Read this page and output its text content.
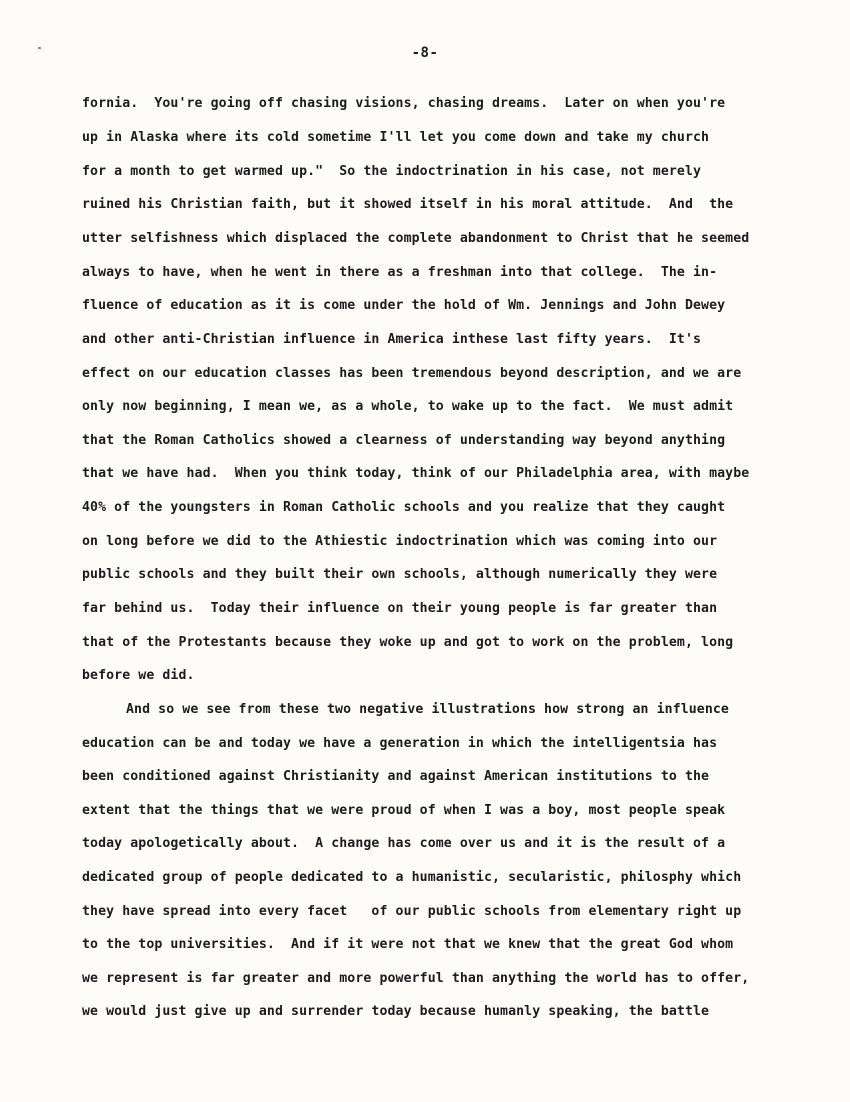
-8-
fornia.  You're going off chasing visions, chasing dreams.  Later on when you're
up in Alaska where its cold sometime I'll let you come down and take my church
for a month to get warmed up."  So the indoctrination in his case, not merely
ruined his Christian faith, but it showed itself in his moral attitude.  And  the
utter selfishness which displaced the complete abandonment to Christ that he seemed
always to have, when he went in there as a freshman into that college.  The in-
fluence of education as it is come under the hold of Wm. Jennings and John Dewey
and other anti-Christian influence in America inthese last fifty years.  It's
effect on our education classes has been tremendous beyond description, and we are
only now beginning, I mean we, as a whole, to wake up to the fact.  We must admit
that the Roman Catholics showed a clearness of understanding way beyond anything
that we have had.  When you think today, think of our Philadelphia area, with maybe
40% of the youngsters in Roman Catholic schools and you realize that they caught
on long before we did to the Athiestic indoctrination which was coming into our
public schools and they built their own schools, although numerically they were
far behind us.  Today their influence on their young people is far greater than
that of the Protestants because they woke up and got to work on the problem, long
before we did.
And so we see from these two negative illustrations how strong an influence
education can be and today we have a generation in which the intelligentsia has
been conditioned against Christianity and against American institutions to the
extent that the things that we were proud of when I was a boy, most people speak
today apologetically about.  A change has come over us and it is the result of a
dedicated group of people dedicated to a humanistic, secularistic, philosphy which
they have spread into every facet   of our public schools from elementary right up
to the top universities.  And if it were not that we knew that the great God whom
we represent is far greater and more powerful than anything the world has to offer,
we would just give up and surrender today because humanly speaking, the battle
